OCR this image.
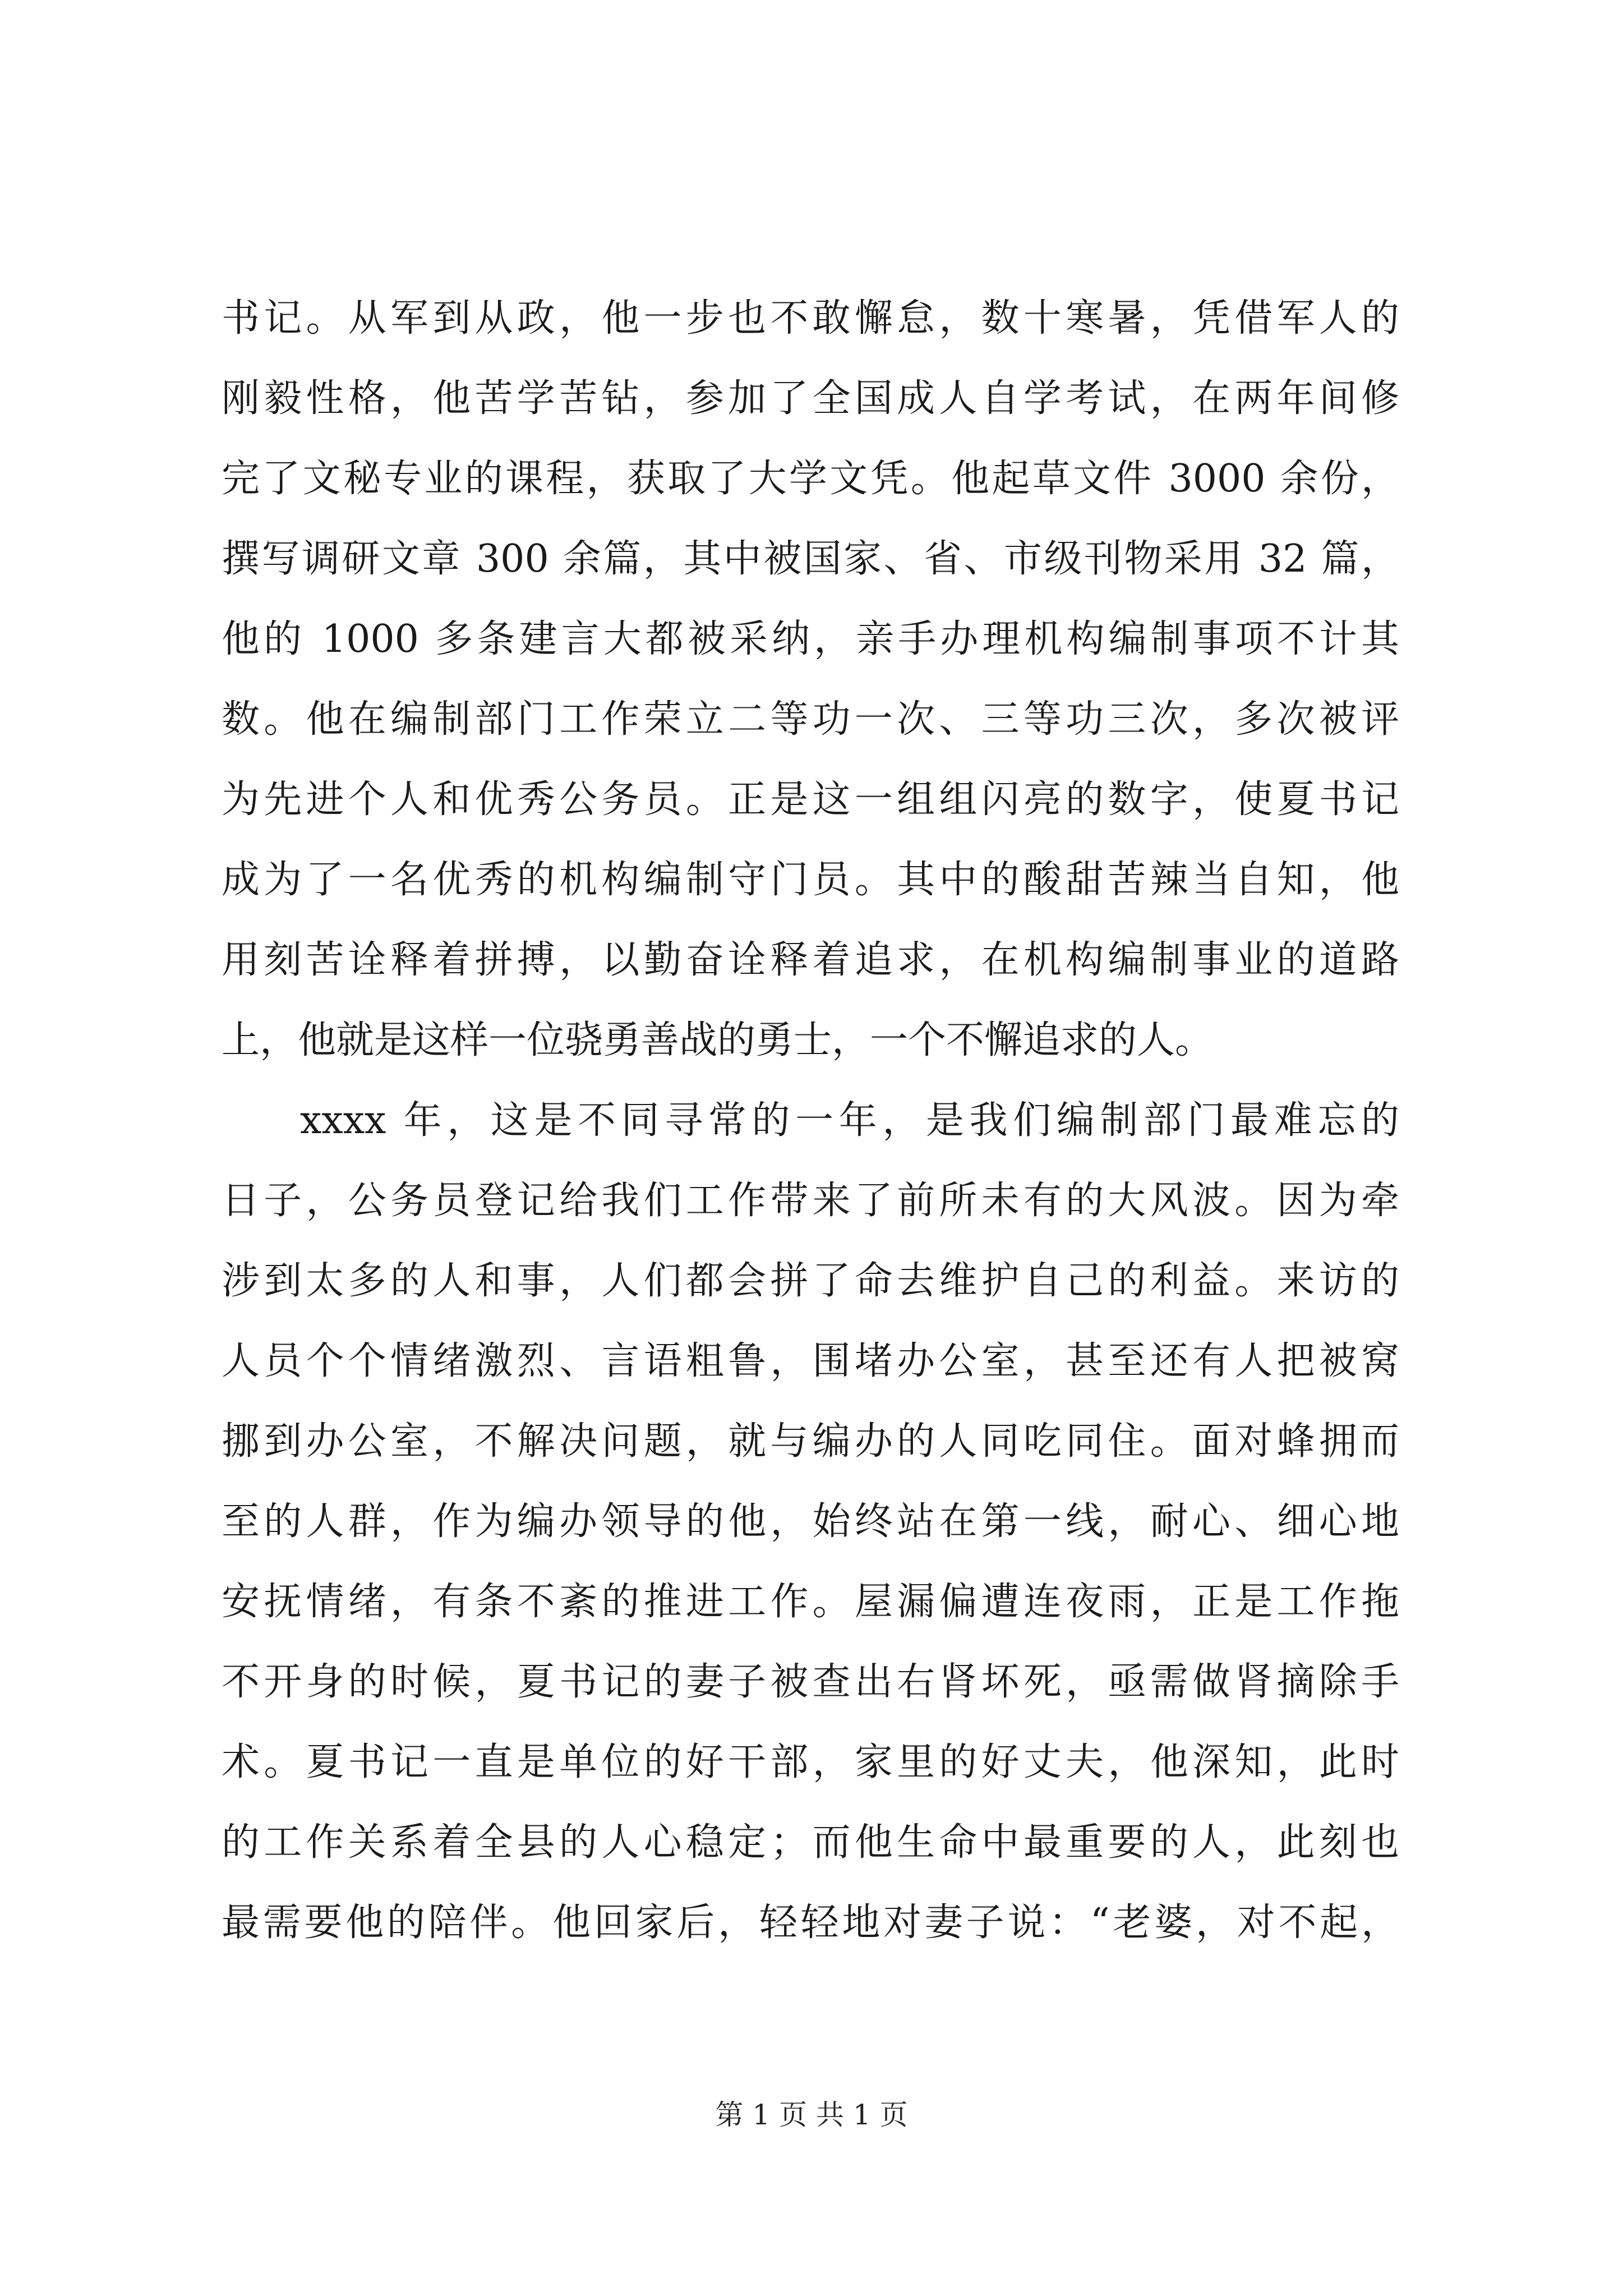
书记。从军到从政，他一步也不敢懈怠，数十寒暑，凭借军人的
刚毅性格，他苦学苦钻，参加了全国成人自学考试，在两年间修
完了文秘专业的课程，获取了大学文凭。他起草文件 3000 余份，
撰写调研文章 300 余篇，其中被国家、省、市级刊物采用 32 篇，
他的 1000 多条建言大都被采纳，亲手办理机构编制事项不计其
数。他在编制部门工作荣立二等功一次、三等功三次，多次被评
为先进个人和优秀公务员。正是这一组组闪亮的数字，使夏书记
成为了一名优秀的机构编制守门员。其中的酸甜苦辣当自知，他
用刻苦诠释着拼搏，以勤奋诠释着追求，在机构编制事业的道路
上，他就是这样一位骁勇善战的勇士，一个不懈追求的人。
xxxx 年，这是不同寻常的一年，是我们编制部门最难忘的
日子，公务员登记给我们工作带来了前所未有的大风波。因为牵
涉到太多的人和事，人们都会拼了命去维护自己的利益。来访的
人员个个情绪激烈、言语粗鲁，围堵办公室，甚至还有人把被窝
挪到办公室，不解决问题，就与编办的人同吃同住。面对蜂拥而
至的人群，作为编办领导的他，始终站在第一线，耐心、细心地
安抚情绪，有条不紊的推进工作。屋漏偏遭连夜雨，正是工作拖
不开身的时候，夏书记的妻子被查出右肾坏死，亟需做肾摘除手
术。夏书记一直是单位的好干部，家里的好丈夫，他深知，此时
的工作关系着全县的人心稳定；而他生命中最重要的人，此刻也
最需要他的陪伴。他回家后，轻轻地对妻子说：“老婆，对不起，
第 1 页 共 1 页
